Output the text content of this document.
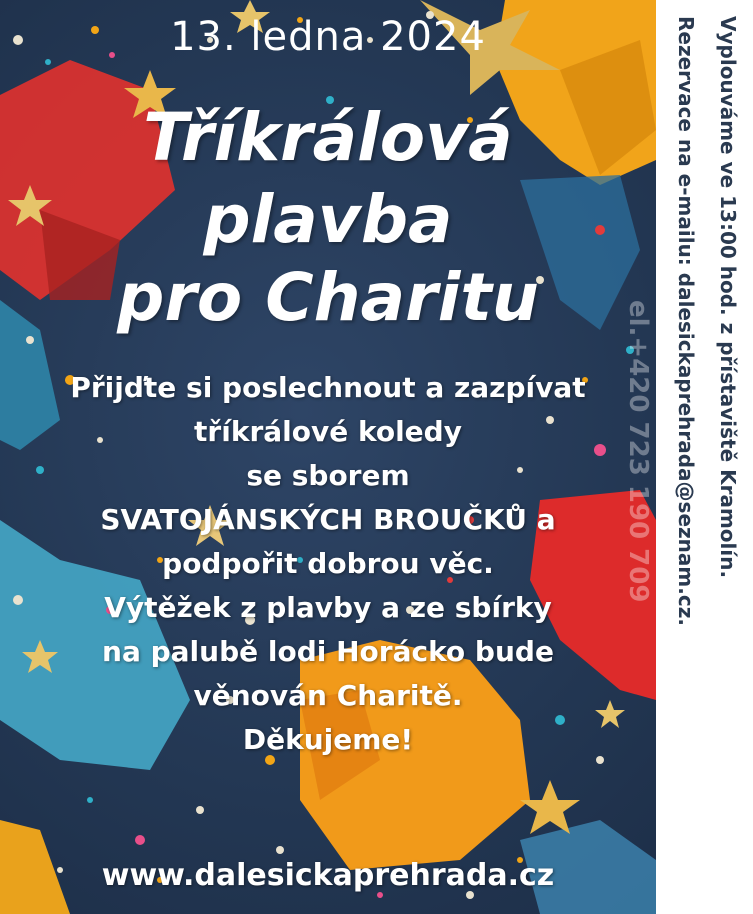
el.+420 723 190 709
13. ledna 2024
Tříkrálová
plavba
pro Charitu
Přijďte si poslechnout a zazpívat
tříkrálové koledy
se sborem
SVATOJÁNSKÝCH BROUČKŮ a
podpořit dobrou věc.
Výtěžek z plavby a ze sbírky
na palubě lodi Horácko bude
věnován Charitě.
Děkujeme!
www.dalesickaprehrada.cz
Vyplouváme ve 13:00 hod. z přístaviště Kramolín.
Rezervace na e-mailu: dalesickaprehrada@seznam.cz.
